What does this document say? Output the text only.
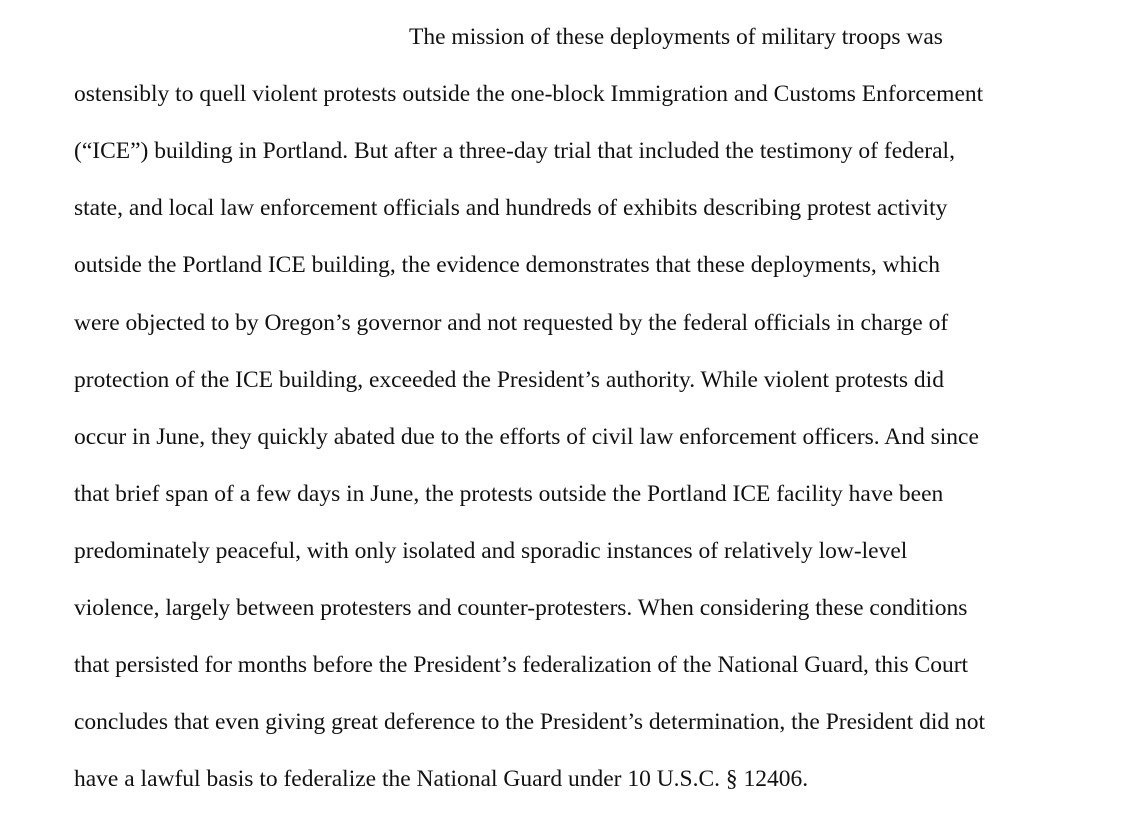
The mission of these deployments of military troops was
ostensibly to quell violent protests outside the one-block Immigration and Customs Enforcement
(“ICE”) building in Portland. But after a three-day trial that included the testimony of federal,
state, and local law enforcement officials and hundreds of exhibits describing protest activity
outside the Portland ICE building, the evidence demonstrates that these deployments, which
were objected to by Oregon’s governor and not requested by the federal officials in charge of
protection of the ICE building, exceeded the President’s authority. While violent protests did
occur in June, they quickly abated due to the efforts of civil law enforcement officers. And since
that brief span of a few days in June, the protests outside the Portland ICE facility have been
predominately peaceful, with only isolated and sporadic instances of relatively low-level
violence, largely between protesters and counter-protesters. When considering these conditions
that persisted for months before the President’s federalization of the National Guard, this Court
concludes that even giving great deference to the President’s determination, the President did not
have a lawful basis to federalize the National Guard under 10 U.S.C. § 12406.
